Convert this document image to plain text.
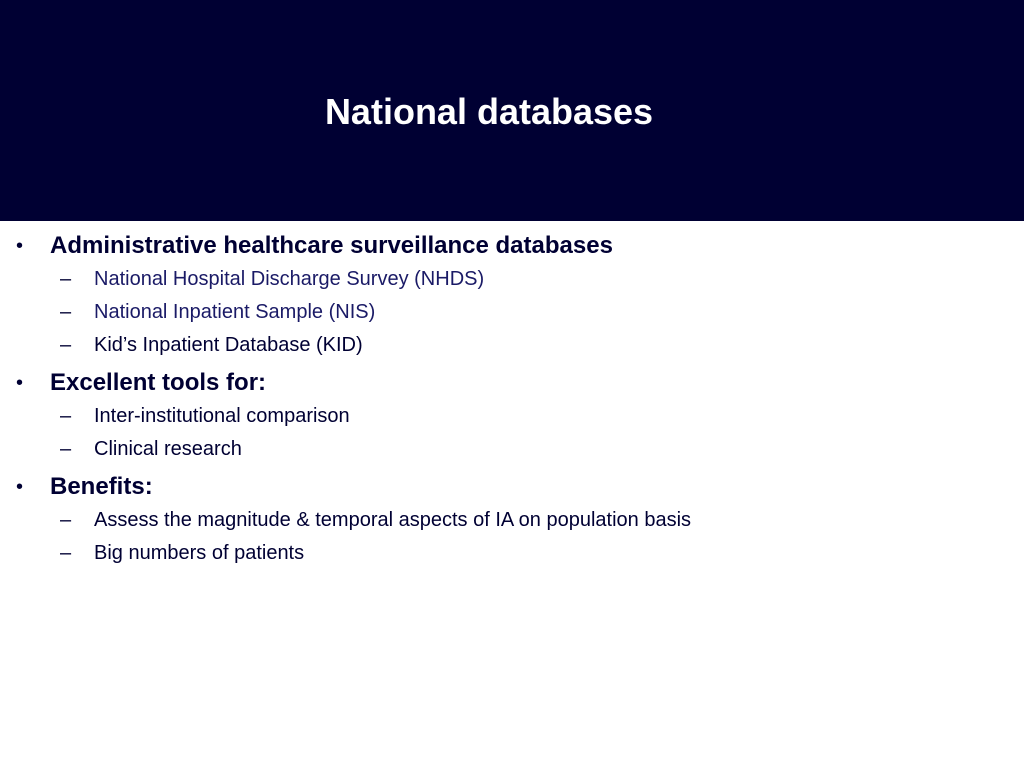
National databases
• Administrative healthcare surveillance databases
– National Hospital Discharge Survey (NHDS)
– National Inpatient Sample (NIS)
– Kid’s Inpatient Database (KID)
• Excellent tools for:
– Inter-institutional comparison
– Clinical research
• Benefits:
– Assess the magnitude & temporal aspects of IA on population basis
– Big numbers of patients
